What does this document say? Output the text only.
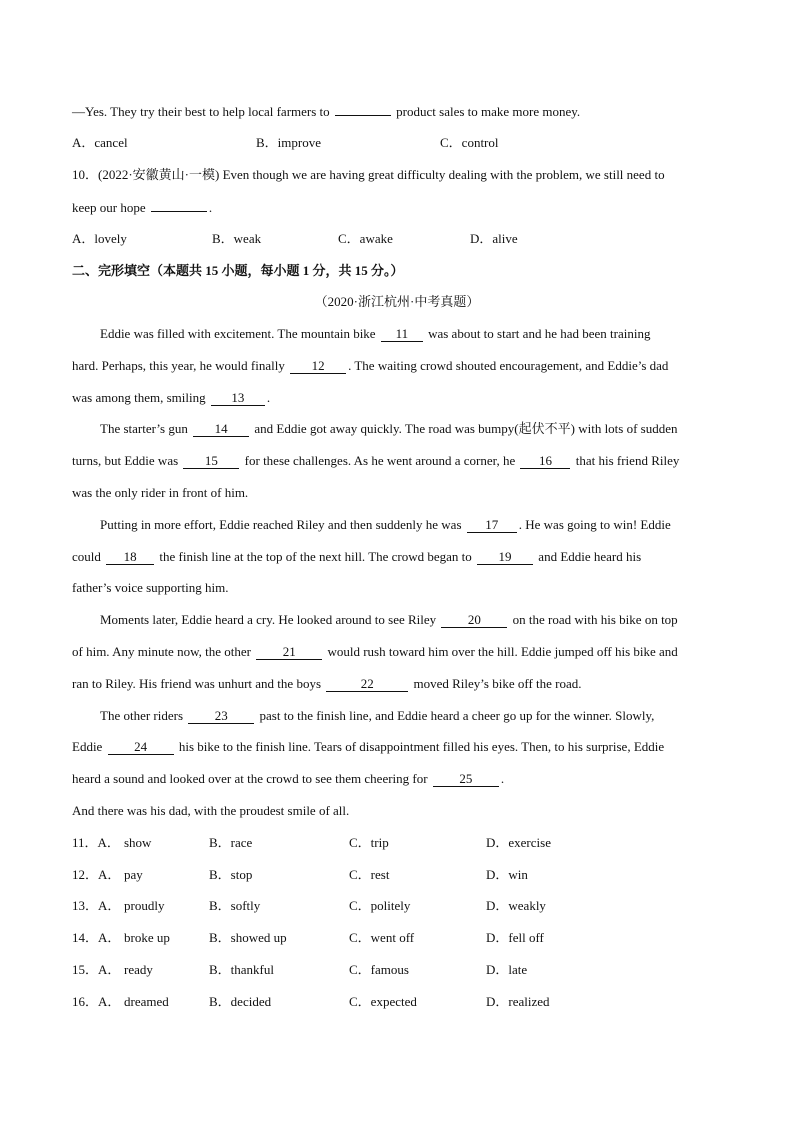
—Yes. They try their best to help local farmers to	product sales to make more money.
A．cancel	B．improve	C．control
10．(2022·安徽黄山·一模) Even though we are having great difficulty dealing with the problem, we still need to
keep our hope	.
A．lovely	B．weak	C．awake	D．alive
二、完形填空（本题共 15 小题，每小题 1 分，共 15 分。）
（2020·浙江杭州·中考真题）
Eddie was filled with excitement. The mountain bike 11 was about to start and he had been training
hard. Perhaps, this year, he would finally 12 . The waiting crowd shouted encouragement, and Eddie’s dad
was among them, smiling 13 .
The starter’s gun 14 and Eddie got away quickly. The road was bumpy(起伏不平) with lots of sudden
turns, but Eddie was 15 for these challenges. As he went around a corner, he 16 that his friend Riley
was the only rider in front of him.
Putting in more effort, Eddie reached Riley and then suddenly he was 17 . He was going to win! Eddie
could 18 the finish line at the top of the next hill. The crowd began to 19 and Eddie heard his
father’s voice supporting him.
Moments later, Eddie heard a cry. He looked around to see Riley 20 on the road with his bike on top
of him. Any minute now, the other 21 would rush toward him over the hill. Eddie jumped off his bike and
ran to Riley. His friend was unhurt and the boys	22	moved Riley’s bike off the road.
The other riders 23 past to the finish line, and Eddie heard a cheer go up for the winner. Slowly,
Eddie 24 his bike to the finish line. Tears of disappointment filled his eyes. Then, to his surprise, Eddie
heard a sound and looked over at the crowd to see them cheering for 25 .
And there was his dad, with the proudest smile of all.
11．A． show	B．race	C．trip	D．exercise
12．A． pay	B．stop	C．rest	D．win
13．A． proudly	B．softly	C．politely	D．weakly
14．A． broke up	B．showed up	C．went off	D．fell off
15．A． ready	B．thankful	C．famous	D．late
16．A． dreamed	B．decided	C．expected	D．realized
